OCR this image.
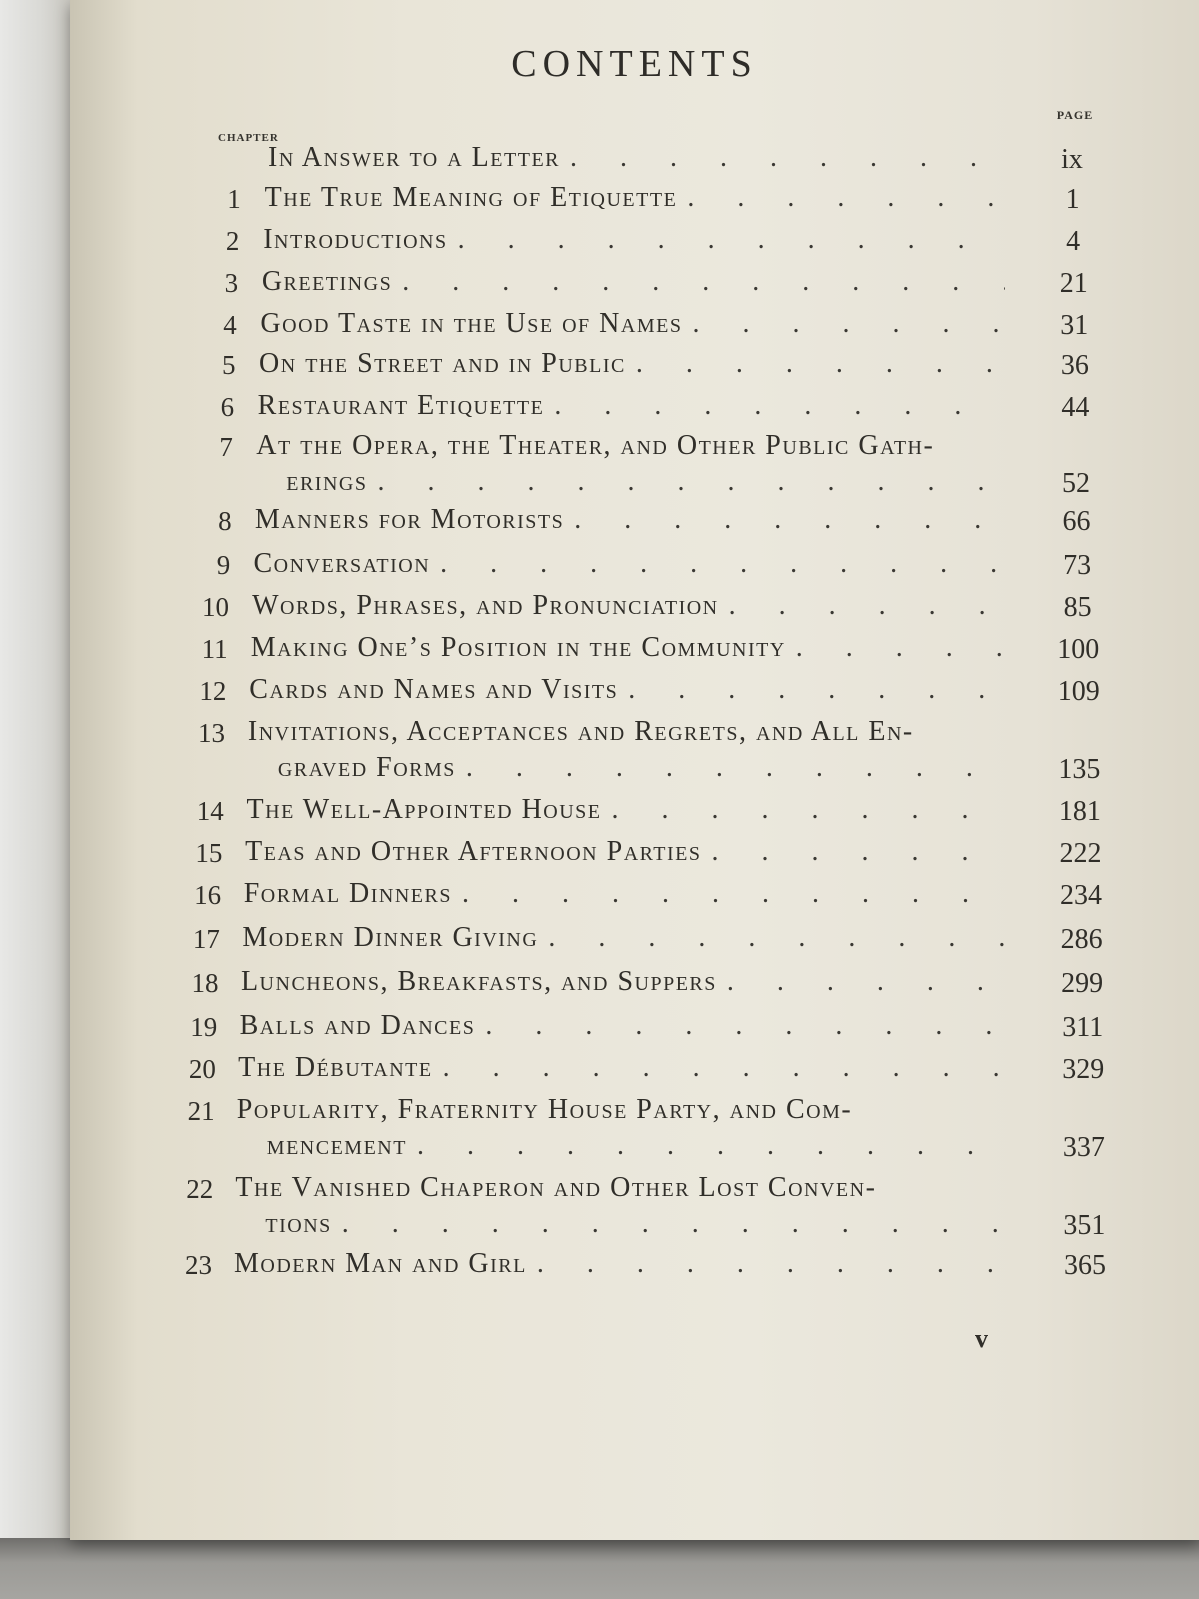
CONTENTS
PAGE
CHAPTER
In Answer to a Letter . . .	ix
1 The True Meaning of Etiquette . . .	1
2 Introductions . . .	4
3 Greetings . . .	21
4 Good Taste in the Use of Names . . .	31
5 On the Street and in Public . . .	36
6 Restaurant Etiquette . . .	44
7 At the Opera, the Theater, and Other Public Gath-
erings . . .	52
8 Manners for Motorists . . .	66
9 Conversation . . .	73
10 Words, Phrases, and Pronunciation . . .	85
11 Making One’s Position in the Community . . .	100
12 Cards and Names and Visits . . .	109
13 Invitations, Acceptances and Regrets, and All En-
graved Forms . . .	135
14 The Well-Appointed House . . .	181
15 Teas and Other Afternoon Parties . . .	222
16 Formal Dinners . . .	234
17 Modern Dinner Giving . . .	286
18 Luncheons, Breakfasts, and Suppers . . .	299
19 Balls and Dances . . .	311
20 The Débutante . . .	329
21 Popularity, Fraternity House Party, and Com-
mencement . . .	337
22 The Vanished Chaperon and Other Lost Conven-
tions . . .	351
23 Modern Man and Girl . . .	365
v
